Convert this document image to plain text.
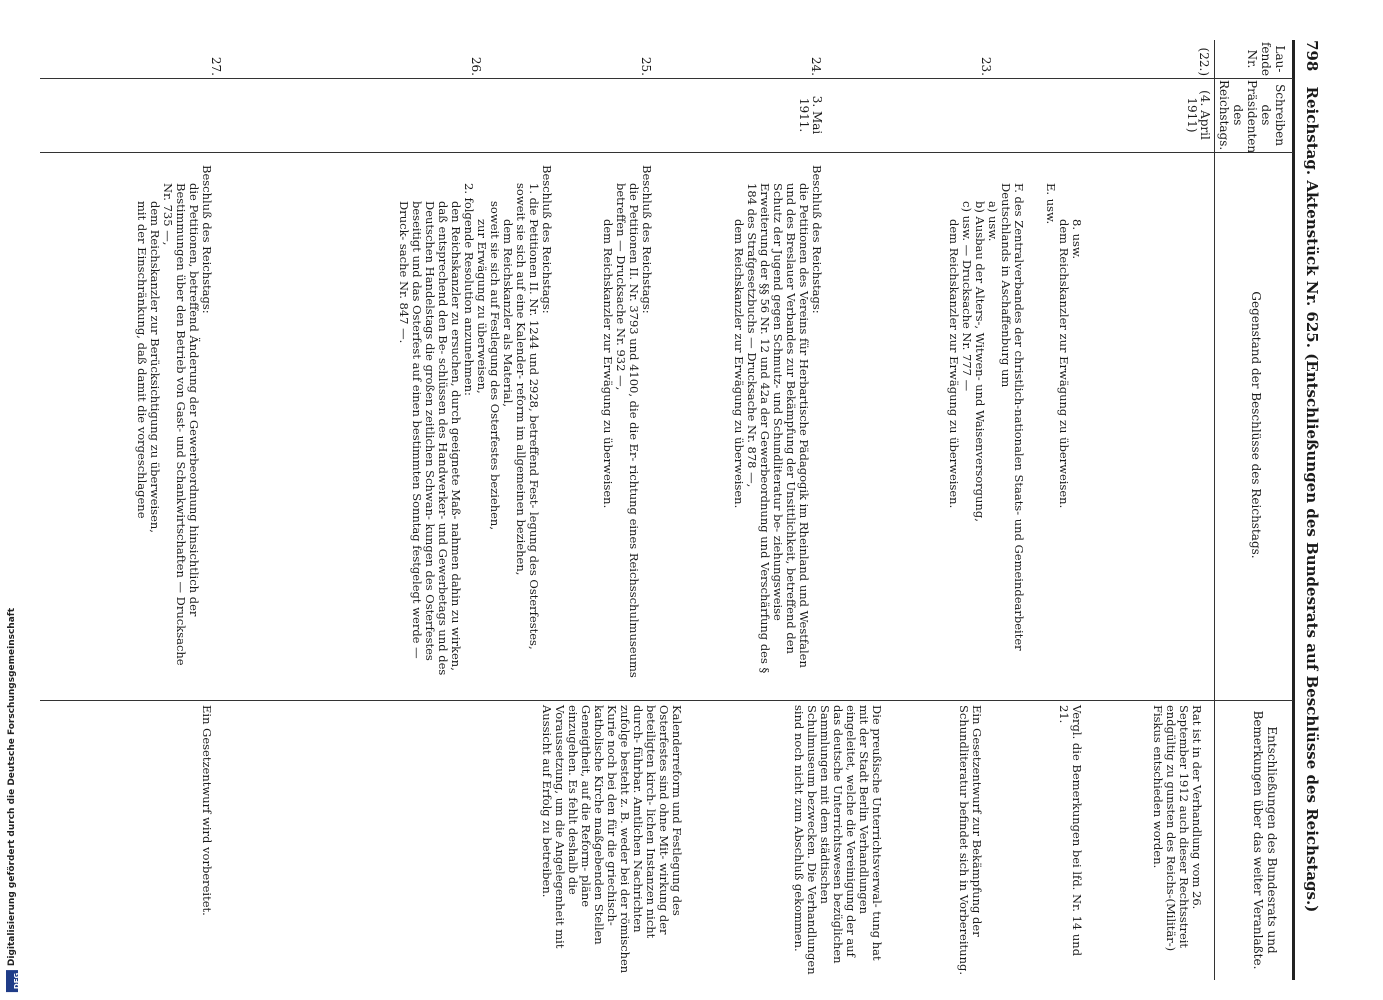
798 Reichstag. Aktenstück Nr. 625. (Entschließungen des Bundesrats auf Beschlüsse des Reichstags.)
Lau- fende Nr.
Schreiben des Präsidenten des Reichstags.
Gegenstand der Beschlüsse des Reichstags.
Entschließungen des Bundesrats und Bemerkungen über das weiter Veranlaßte.
(22.)
(4. April 1911)

8. usw.

dem Reichskanzler zur Erwägung zu überweisen.

E. usw.

Rat ist in der Verhandlung vom 26. September 1912 auch dieser Rechtsstreit endgültig zu gunsten des Reichs-(Militär-) Fiskus entschieden worden.
23.

F. des Zentralverbandes der christlich-nationalen Staats- und Gemeindearbeiter Deutschlands in Aschaffenburg um

a) usw.

b) Ausbau der Alters-, Witwen- und Waisenversorgung,

c) usw. — Drucksache Nr. 777 —

dem Reichskanzler zur Erwägung zu überweisen.

Vergl. die Bemerkungen bei lfd. Nr. 14 und 21.
24.
3. Mai 1911.

Beschluß des Reichstags:

die Petitionen des Vereins für Herbartische Pädagogik im Rheinland und Westfalen und des Breslauer Verbandes zur Bekämpfung der Unsittlichkeit, betreffend den Schutz der Jugend gegen Schmutz- und Schundliteratur be- ziehungsweise Erweiterung der §§ 56 Nr. 12 und 42a der Gewerbeordnung und Verschärfung des § 184 des Strafgesetzbuchs — Drucksache Nr. 878 —,

dem Reichskanzler zur Erwägung zu überweisen.

Ein Gesetzentwurf zur Bekämpfung der Schundliteratur befindet sich in Vorbereitung.
25.

Beschluß des Reichstags:

die Petitionen II. Nr. 3793 und 4100, die die Er- richtung eines Reichsschulmuseums betreffen — Drucksache Nr. 932 —,

dem Reichskanzler zur Erwägung zu überweisen.

Die preußische Unterrichtsverwal- tung hat mit der Stadt Berlin Verhandlungen eingeleitet, welche die Vereinigung der auf das deutsche Unterrichtswesen bezüglichen Sammlungen mit dem städtischen Schulmuseum bezwecken. Die Verhandlungen sind noch nicht zum Abschluß gekommen.
26.

Beschluß des Reichstags:

1. die Petitionen II. Nr. 1244 und 2928, betreffend Fest- legung des Osterfestes, soweit sie sich auf eine Kalender- reform im allgemeinen beziehen,

dem Reichskanzler als Material,

soweit sie sich auf Festlegung des Osterfestes beziehen,

zur Erwägung zu überweisen,

2. folgende Resolution anzunehmen:

den Reichskanzler zu ersuchen, durch geeignete Maß- nahmen dahin zu wirken, daß entsprechend den Be- schlüssen des Handwerker- und Gewerbetags und des Deutschen Handelstags die großen zeitlichen Schwan- kungen des Osterfestes beseitigt und das Osterfest auf einen bestimmten Sonntag festgelegt werde — Druck- sache Nr. 847 —.

Kalenderreform und Festlegung des Osterfestes sind ohne Mit- wirkung der beteiligten kirch- lichen Instanzen nicht durch- führbar. Amtlichen Nachrichten zufolge besteht z. B. weder bei der römischen Kurie noch bei den für die griechisch-katholische Kirche maßgebenden Stellen Geneigtheit, auf die Reform- pläne einzugehen. Es fehlt deshalb die Voraussetzung, um die Angelegenheit mit Aussicht auf Erfolg zu betreiben.
27.

Beschluß des Reichstags:

die Petitionen, betreffend Änderung der Gewerbeordnung hinsichtlich der Bestimmungen über den Betrieb von Gast- und Schankwirtschaften — Drucksache Nr. 735 —,

dem Reichskanzler zur Berücksichtigung zu überweisen,

mit der Einschränkung, daß damit die vorgeschlagene

Ein Gesetzentwurf wird vorbereitet.
DFG
Digitalisierung gefördert durch die Deutsche Forschungsgemeinschaft
